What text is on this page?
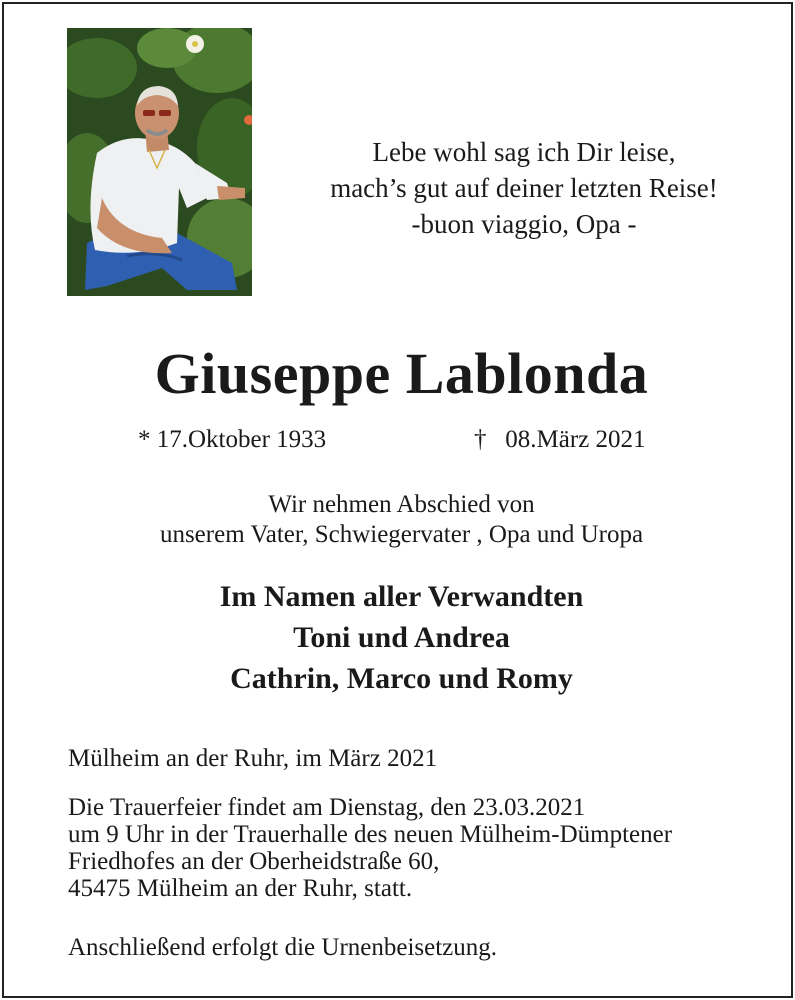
Lebe wohl sag ich Dir leise,
mach’s gut auf deiner letzten Reise!
-buon viaggio, Opa -
Giuseppe Lablonda
* 17.Oktober 1933	† 08.März 2021
Wir nehmen Abschied von
unserem Vater, Schwiegervater , Opa und Uropa
Im Namen aller Verwandten
Toni und Andrea
Cathrin, Marco und Romy
Mülheim an der Ruhr, im März 2021
Die Trauerfeier findet am Dienstag, den 23.03.2021
um 9 Uhr in der Trauerhalle des neuen Mülheim-Dümptener
Friedhofes an der Oberheidstraße 60,
45475 Mülheim an der Ruhr, statt.
Anschließend erfolgt die Urnenbeisetzung.
